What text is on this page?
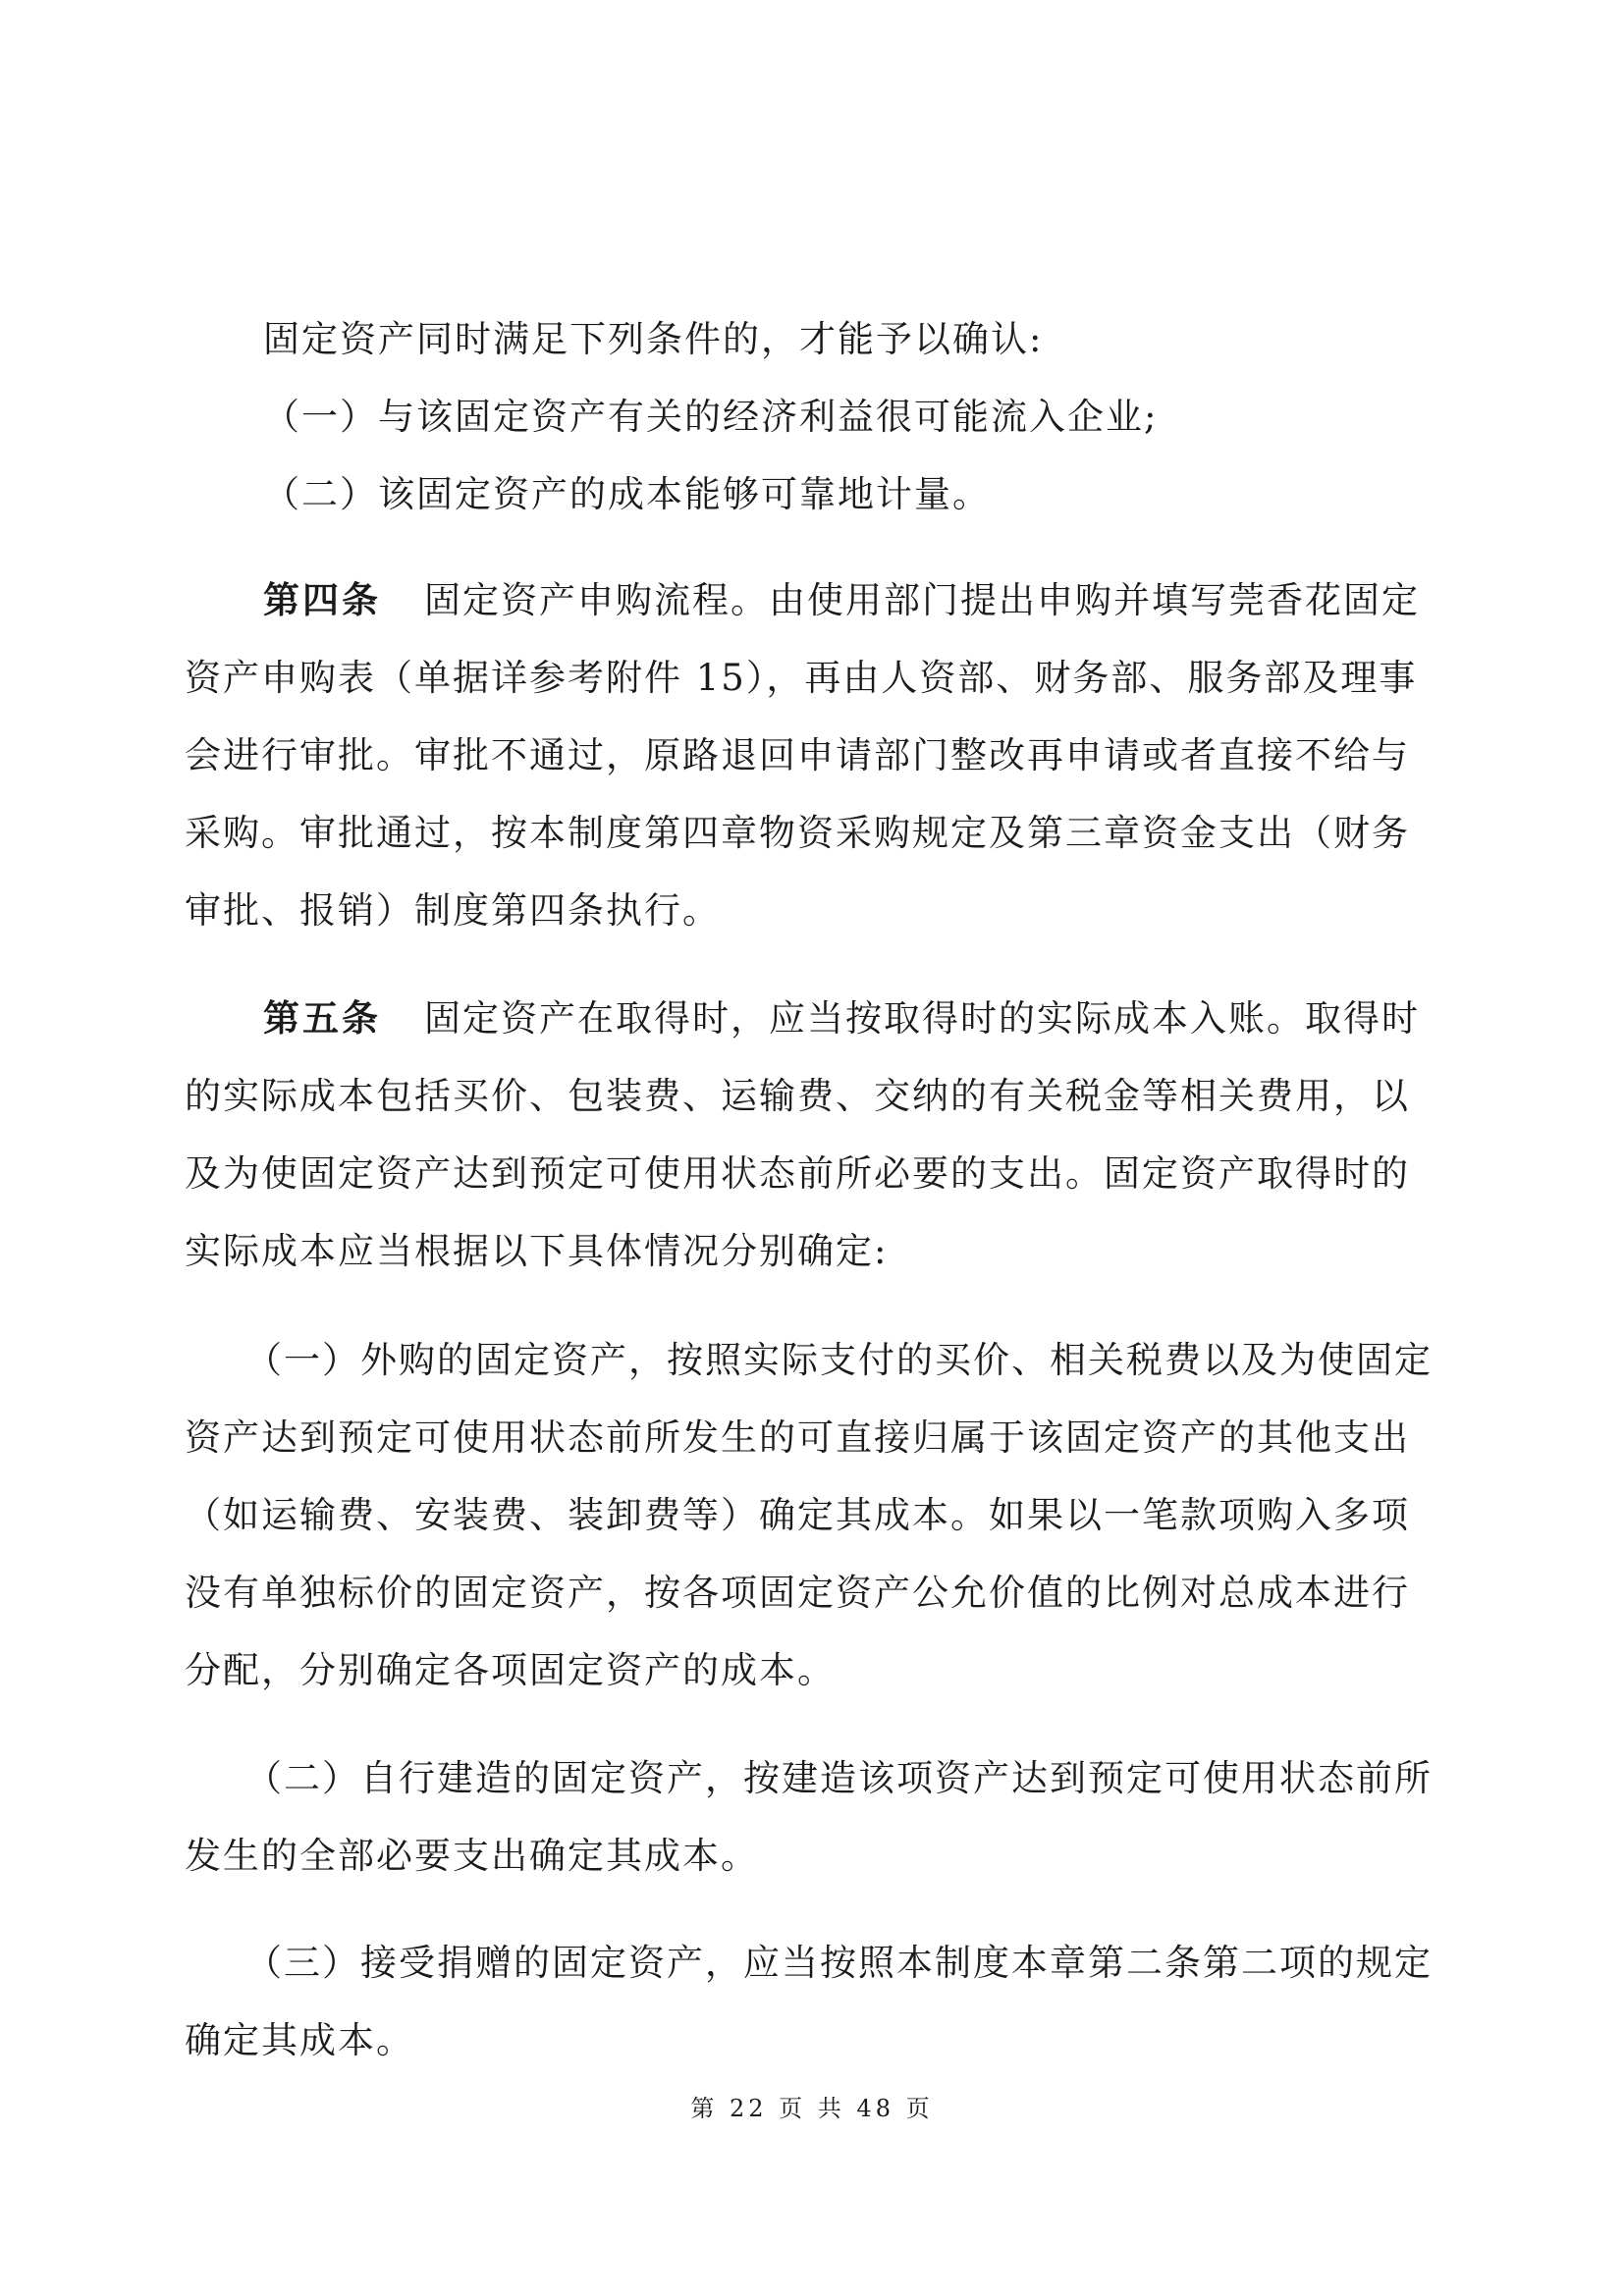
固定资产同时满足下列条件的，才能予以确认:
（一）与该固定资产有关的经济利益很可能流入企业;
（二）该固定资产的成本能够可靠地计量。
第四条 固定资产申购流程。由使用部门提出申购并填写莞香花固定
资产申购表（单据详参考附件 15），再由人资部、财务部、服务部及理事
会进行审批。审批不通过，原路退回申请部门整改再申请或者直接不给与
采购。审批通过，按本制度第四章物资采购规定及第三章资金支出（财务
审批、报销）制度第四条执行。
第五条 固定资产在取得时，应当按取得时的实际成本入账。取得时
的实际成本包括买价、包装费、运输费、交纳的有关税金等相关费用，以
及为使固定资产达到预定可使用状态前所必要的支出。固定资产取得时的
实际成本应当根据以下具体情况分别确定:
（一）外购的固定资产，按照实际支付的买价、相关税费以及为使固定
资产达到预定可使用状态前所发生的可直接归属于该固定资产的其他支出
（如运输费、安装费、装卸费等）确定其成本。如果以一笔款项购入多项
没有单独标价的固定资产，按各项固定资产公允价值的比例对总成本进行
分配，分别确定各项固定资产的成本。
（二）自行建造的固定资产，按建造该项资产达到预定可使用状态前所
发生的全部必要支出确定其成本。
（三）接受捐赠的固定资产，应当按照本制度本章第二条第二项的规定
确定其成本。
第 22 页 共 48 页
